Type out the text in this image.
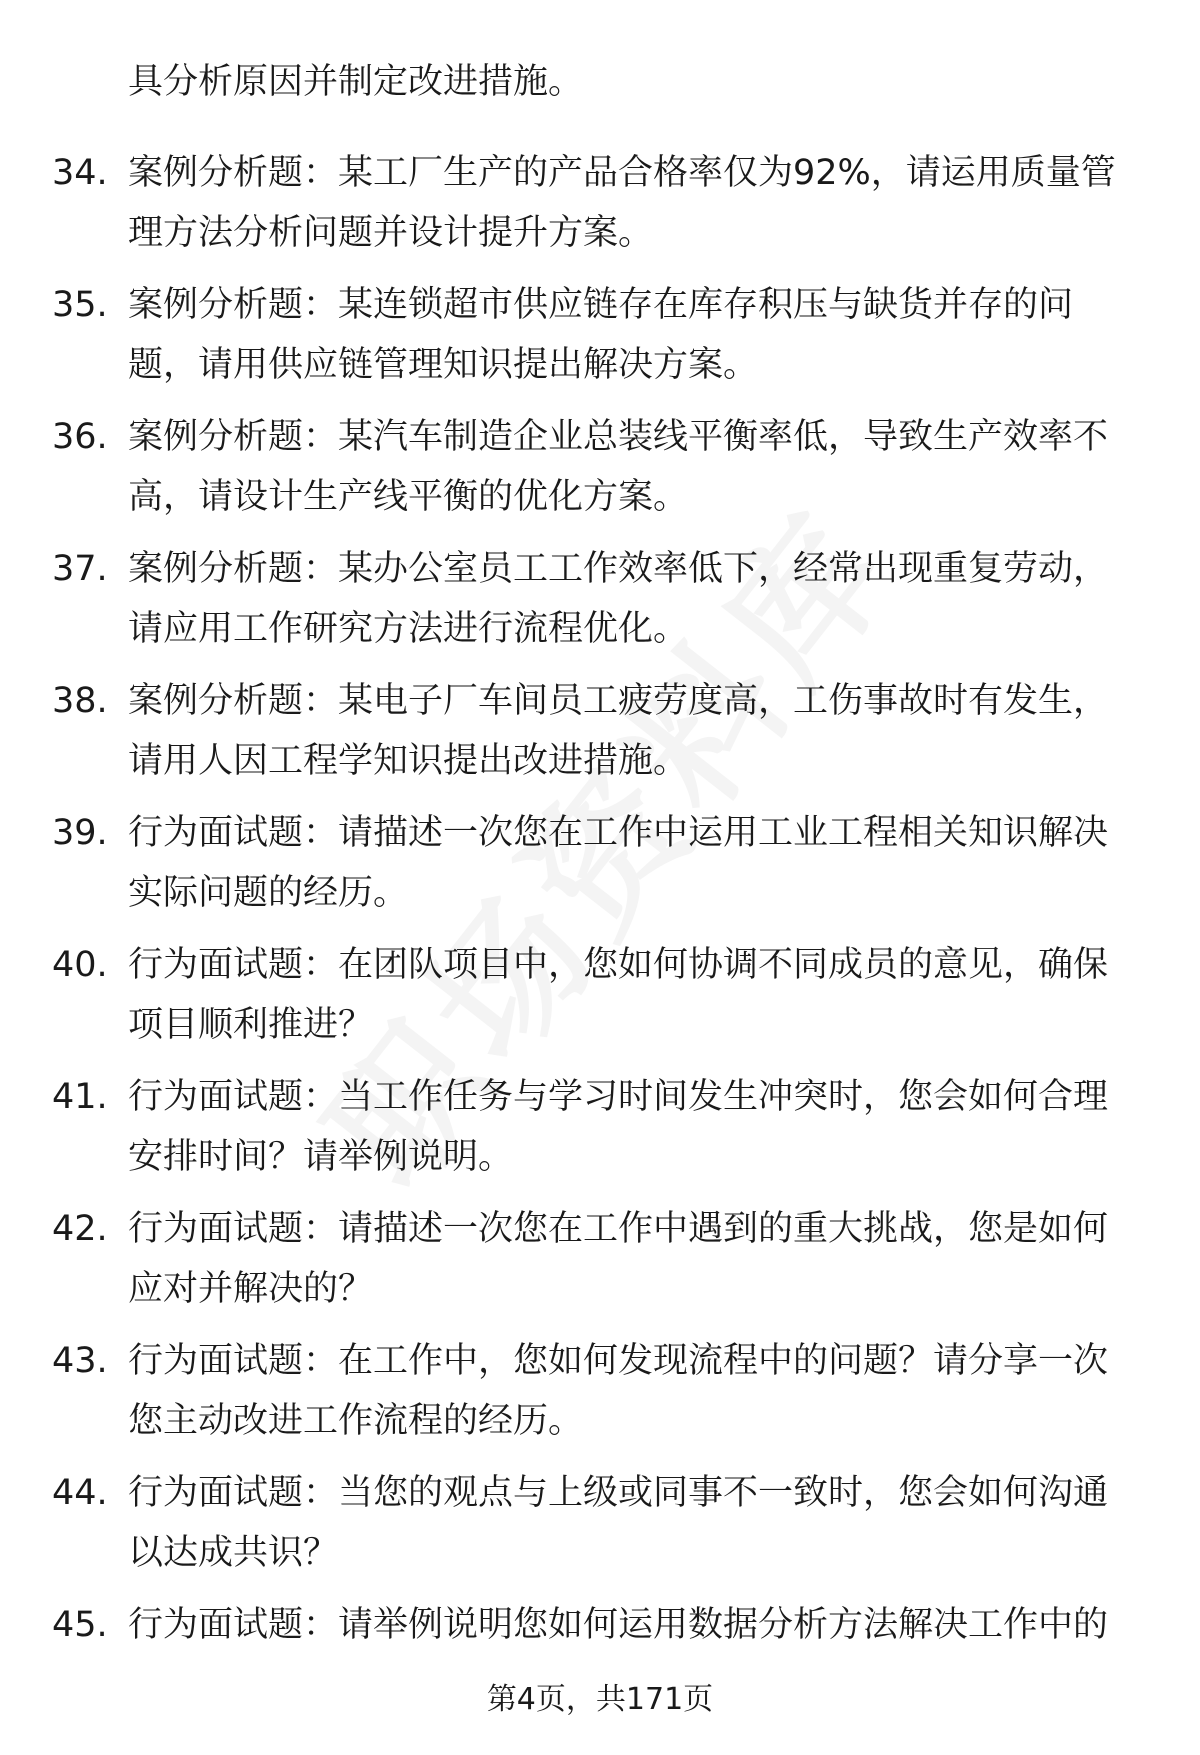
具分析原因并制定改进措施。
34. 案例分析题：某工厂生产的产品合格率仅为92%，请运用质量管
理方法分析问题并设计提升方案。
35. 案例分析题：某连锁超市供应链存在库存积压与缺货并存的问
题，请用供应链管理知识提出解决方案。
36. 案例分析题：某汽车制造企业总装线平衡率低，导致生产效率不
高，请设计生产线平衡的优化方案。
37. 案例分析题：某办公室员工工作效率低下，经常出现重复劳动，
请应用工作研究方法进行流程优化。
38. 案例分析题：某电子厂车间员工疲劳度高，工伤事故时有发生，
请用人因工程学知识提出改进措施。
39. 行为面试题：请描述一次您在工作中运用工业工程相关知识解决
实际问题的经历。
40. 行为面试题：在团队项目中，您如何协调不同成员的意见，确保
项目顺利推进？
41. 行为面试题：当工作任务与学习时间发生冲突时，您会如何合理
安排时间？请举例说明。
42. 行为面试题：请描述一次您在工作中遇到的重大挑战，您是如何
应对并解决的？
43. 行为面试题：在工作中，您如何发现流程中的问题？请分享一次
您主动改进工作流程的经历。
44. 行为面试题：当您的观点与上级或同事不一致时，您会如何沟通
以达成共识？
45. 行为面试题：请举例说明您如何运用数据分析方法解决工作中的
第4页，共171页
